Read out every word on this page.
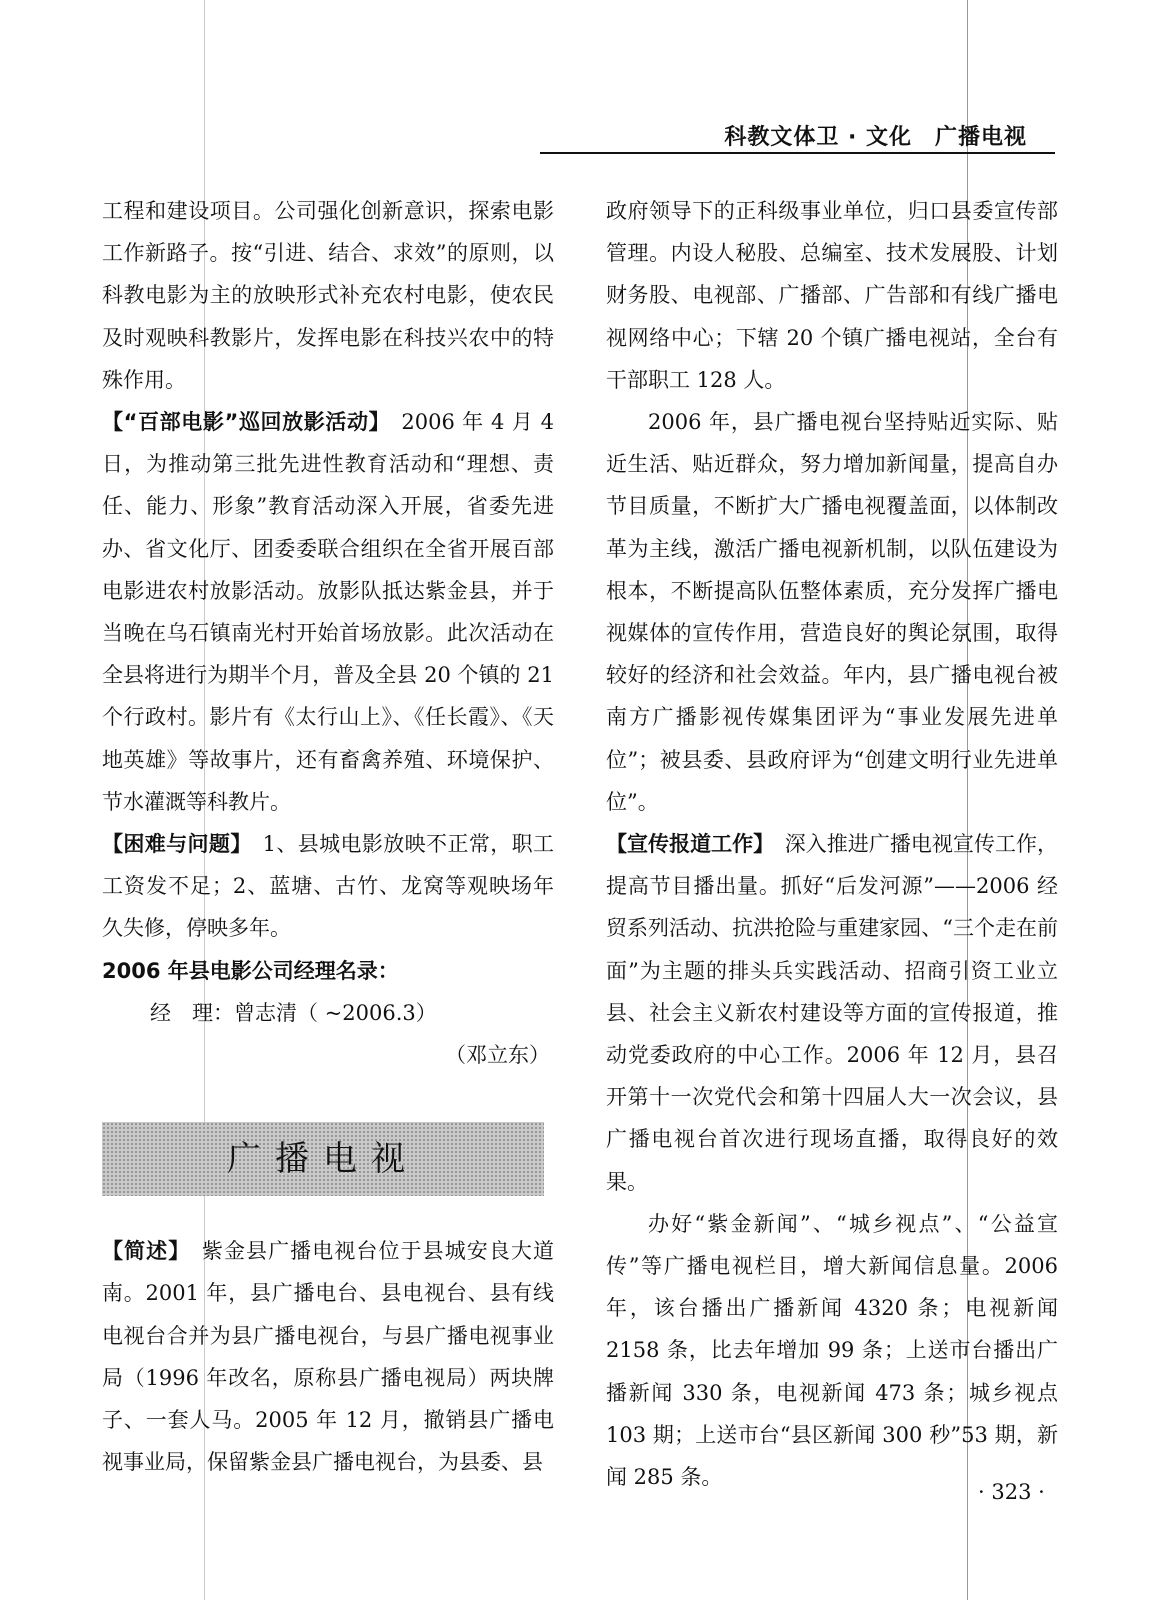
科教文体卫 · 文化　广播电视

工程和建设项目。公司强化创新意识，探索电影工作新路子。按“引进、结合、求效”的原则，以科教电影为主的放映形式补充农村电影，使农民及时观映科教影片，发挥电影在科技兴农中的特殊作用。

【“百部电影”巡回放影活动】　2006 年 4 月 4 日，为推动第三批先进性教育活动和“理想、责任、能力、形象”教育活动深入开展，省委先进办、省文化厅、团委委联合组织在全省开展百部电影进农村放影活动。放影队抵达紫金县，并于当晚在乌石镇南光村开始首场放影。此次活动在全县将进行为期半个月，普及全县 20 个镇的 21 个行政村。影片有《太行山上》、《任长霞》、《天地英雄》等故事片，还有畜禽养殖、环境保护、节水灌溉等科教片。

【困难与问题】　1、县城电影放映不正常，职工工资发不足；2、蓝塘、古竹、龙窝等观映场年久失修，停映多年。

2006 年县电影公司经理名录：

经　理：曾志清（ ~2006.3）

（邓立东）

广播电视

【简述】　紫金县广播电视台位于县城安良大道南。2001 年，县广播电台、县电视台、县有线电视台合并为县广播电视台，与县广播电视事业局（1996 年改名，原称县广播电视局）两块牌子、一套人马。2005 年 12 月，撤销县广播电视事业局，保留紫金县广播电视台，为县委、县

政府领导下的正科级事业单位，归口县委宣传部管理。内设人秘股、总编室、技术发展股、计划财务股、电视部、广播部、广告部和有线广播电视网络中心；下辖 20 个镇广播电视站，全台有干部职工 128 人。

2006 年，县广播电视台坚持贴近实际、贴近生活、贴近群众，努力增加新闻量，提高自办节目质量，不断扩大广播电视覆盖面，以体制改革为主线，激活广播电视新机制，以队伍建设为根本，不断提高队伍整体素质，充分发挥广播电视媒体的宣传作用，营造良好的舆论氛围，取得较好的经济和社会效益。年内，县广播电视台被南方广播影视传媒集团评为“事业发展先进单位”；被县委、县政府评为“创建文明行业先进单位”。

【宣传报道工作】　深入推进广播电视宣传工作，提高节目播出量。抓好“后发河源”——2006 经贸系列活动、抗洪抢险与重建家园、“三个走在前面”为主题的排头兵实践活动、招商引资工业立县、社会主义新农村建设等方面的宣传报道，推动党委政府的中心工作。2006 年 12 月，县召开第十一次党代会和第十四届人大一次会议，县广播电视台首次进行现场直播，取得良好的效果。

办好“紫金新闻”、“城乡视点”、“公益宣传”等广播电视栏目，增大新闻信息量。2006 年，该台播出广播新闻 4320 条；电视新闻 2158 条，比去年增加 99 条；上送市台播出广播新闻 330 条，电视新闻 473 条；城乡视点 103 期；上送市台“县区新闻 300 秒”53 期，新闻 285 条。

· 323 ·
